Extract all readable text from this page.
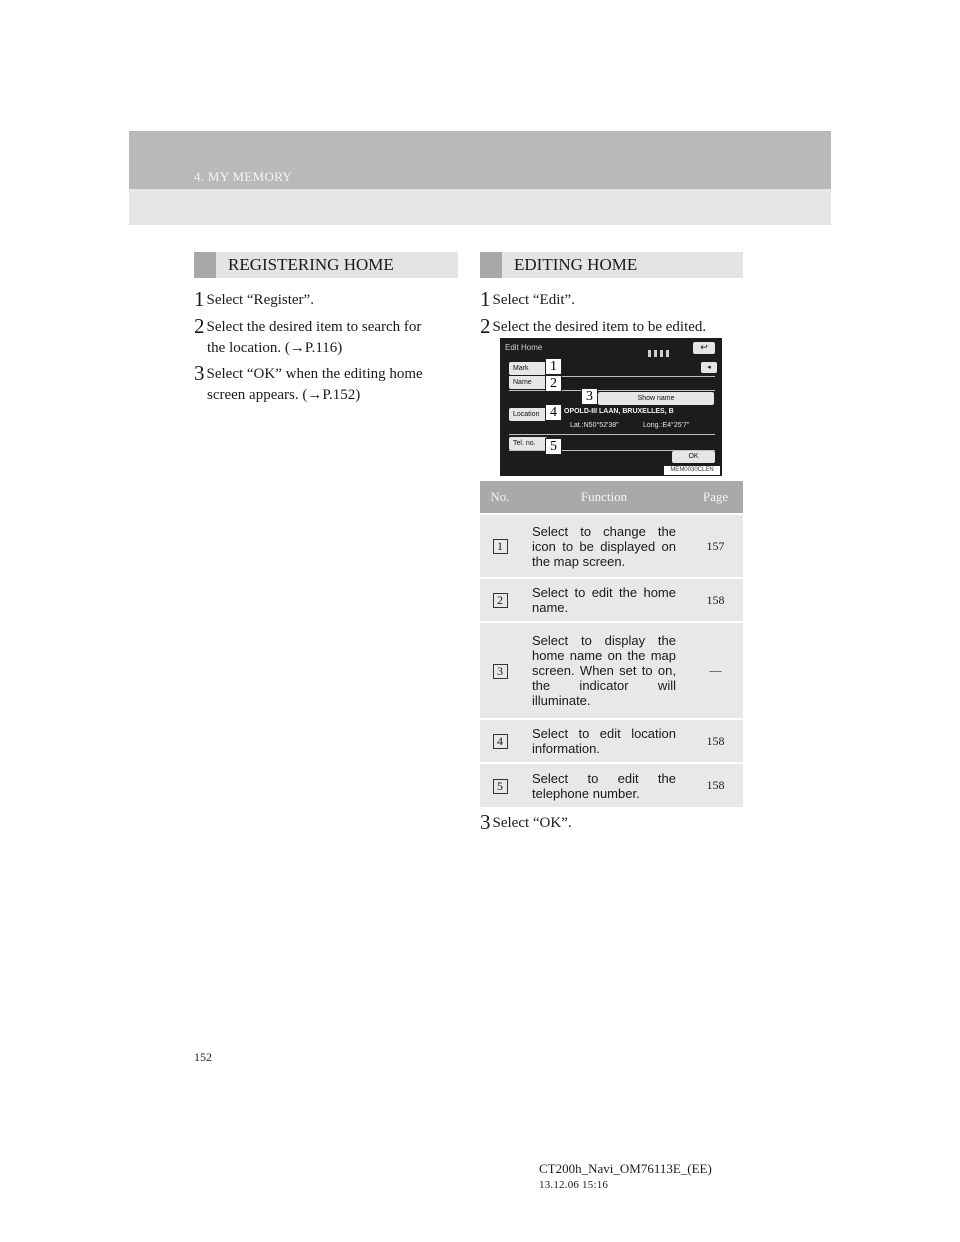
4. MY MEMORY
REGISTERING HOME
1 Select “Register”.
2 Select the desired item to search for
the location. (→P.116)
3 Select “OK” when the editing home
screen appears. (→P.152)
EDITING HOME
1 Select “Edit”.
2 Select the desired item to be edited.
Edit Home	↩
◂
Mark
Name
Show name
Location	OPOLD-III LAAN, BRUXELLES, B
Lat.:N50°52'38"	Long.:E4°25'7"
Tel. no.
OK
MEM0030CLEN
1
2
3
4
5
No.	Function	Page
1	Select to change the icon to be displayed on the map screen.	157
2	Select to edit the home name.	158
3	Select to display the home name on the map screen. When set to on, the indicator will illuminate.	—
4	Select to edit location information.	158
5	Select to edit the telephone number.	158
3 Select “OK”.
152
CT200h_Navi_OM76113E_(EE)
13.12.06 15:16
